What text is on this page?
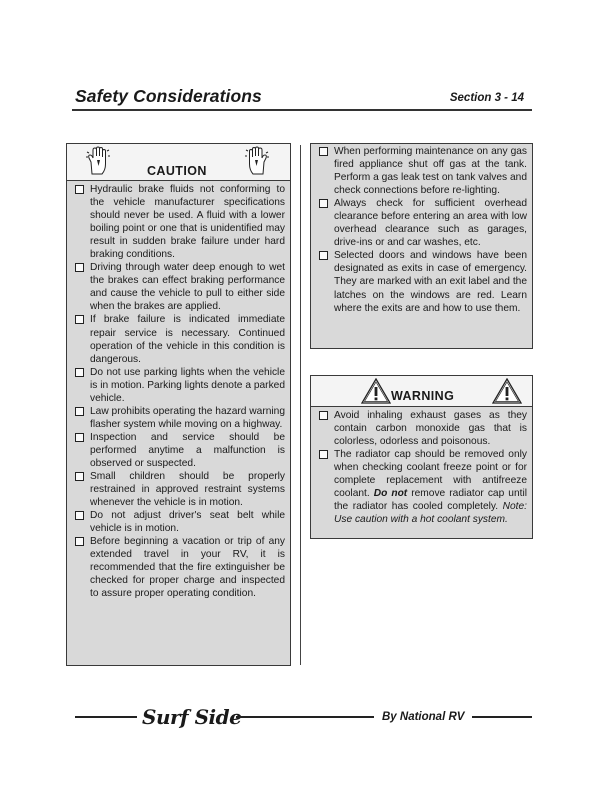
Safety Considerations	Section 3 - 14
CAUTION
Hydraulic brake fluids not conforming to the vehicle manufacturer specifications should never be used. A fluid with a lower boiling point or one that is unidentified may result in sudden brake failure under hard braking conditions.
Driving through water deep enough to wet the brakes can effect braking performance and cause the vehicle to pull to either side when the brakes are applied.
If brake failure is indicated immediate repair service is necessary. Continued operation of the vehicle in this condition is dangerous.
Do not use parking lights when the vehicle is in motion. Parking lights denote a parked vehicle.
Law prohibits operating the hazard warning flasher system while moving on a highway.
Inspection and service should be performed anytime a malfunction is observed or suspected.
Small children should be properly restrained in approved restraint systems whenever the vehicle is in motion.
Do not adjust driver's seat belt while vehicle is in motion.
Before beginning a vacation or trip of any extended travel in your RV, it is recommended that the fire extinguisher be checked for proper charge and inspected to assure proper operating condition.
When performing maintenance on any gas fired appliance shut off gas at the tank. Perform a gas leak test on tank valves and check connections before re-lighting.
Always check for sufficient overhead clearance before entering an area with low overhead clearance such as garages, drive-ins or and car washes, etc.
Selected doors and windows have been designated as exits in case of emergency. They are marked with an exit label and the latches on the windows are red. Learn where the exits are and how to use them.
WARNING
Avoid inhaling exhaust gases as they contain carbon monoxide gas that is colorless, odorless and poisonous.
The radiator cap should be removed only when checking coolant freeze point or for complete replacement with antifreeze coolant. Do not remove radiator cap until the radiator has cooled completely. Note: Use caution with a hot coolant system.
Surf Side	By National RV
